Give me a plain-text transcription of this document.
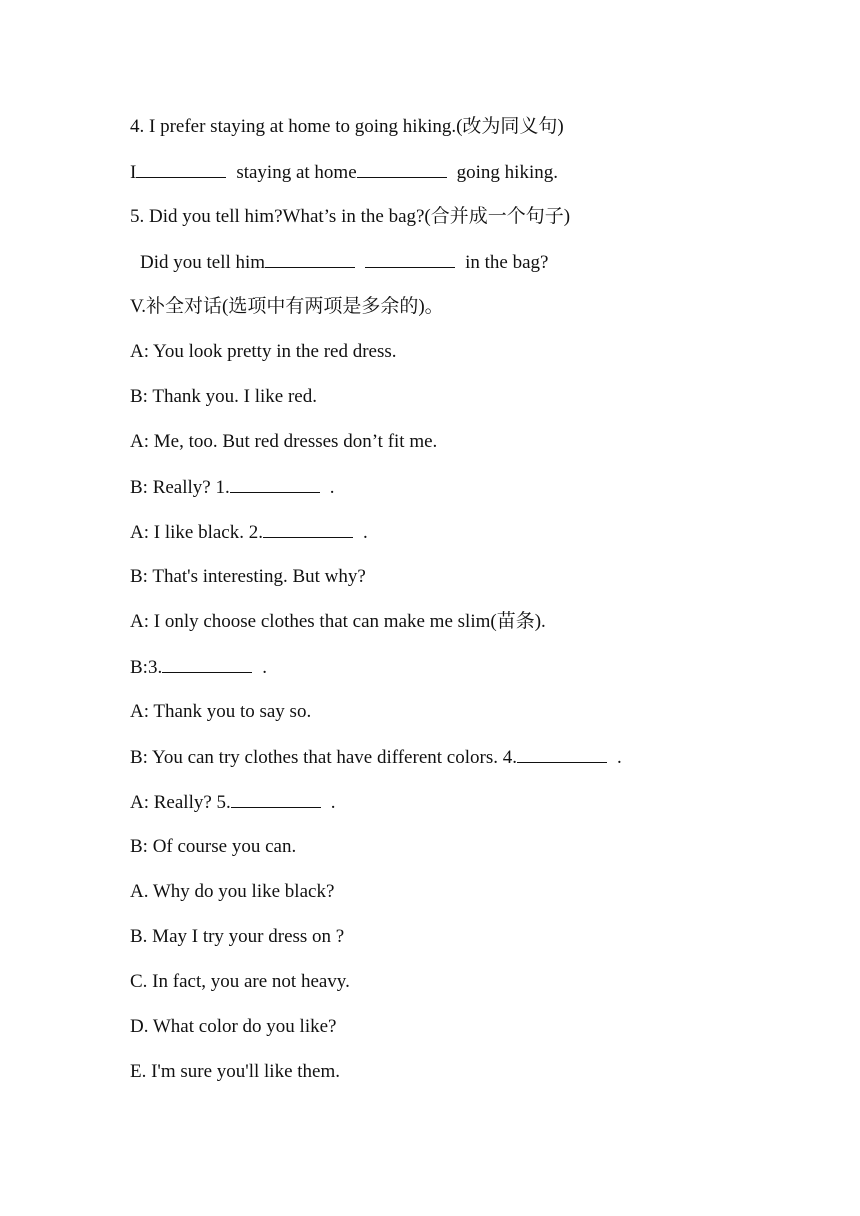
4. I prefer staying at home to going hiking.(改为同义句)
I	staying at home	going hiking.
5. Did you tell him?What’s in the bag?(合并成一个句子)
Did you tell him	in the bag?
V.补全对话(选项中有两项是多余的)。
A: You look pretty in the red dress.
B: Thank you. I like red.
A: Me, too. But red dresses don’t fit me.
B: Really? 1.	.
A: I like black. 2.	.
B: That's interesting. But why?
A: I only choose clothes that can make me slim(苗条).
B:3.	.
A: Thank you to say so.
B: You can try clothes that have different colors. 4.	.
A: Really? 5.	.
B: Of course you can.
A. Why do you like black?
B. May I try your dress on ?
C. In fact, you are not heavy.
D. What color do you like?
E. I'm sure you'll like them.
